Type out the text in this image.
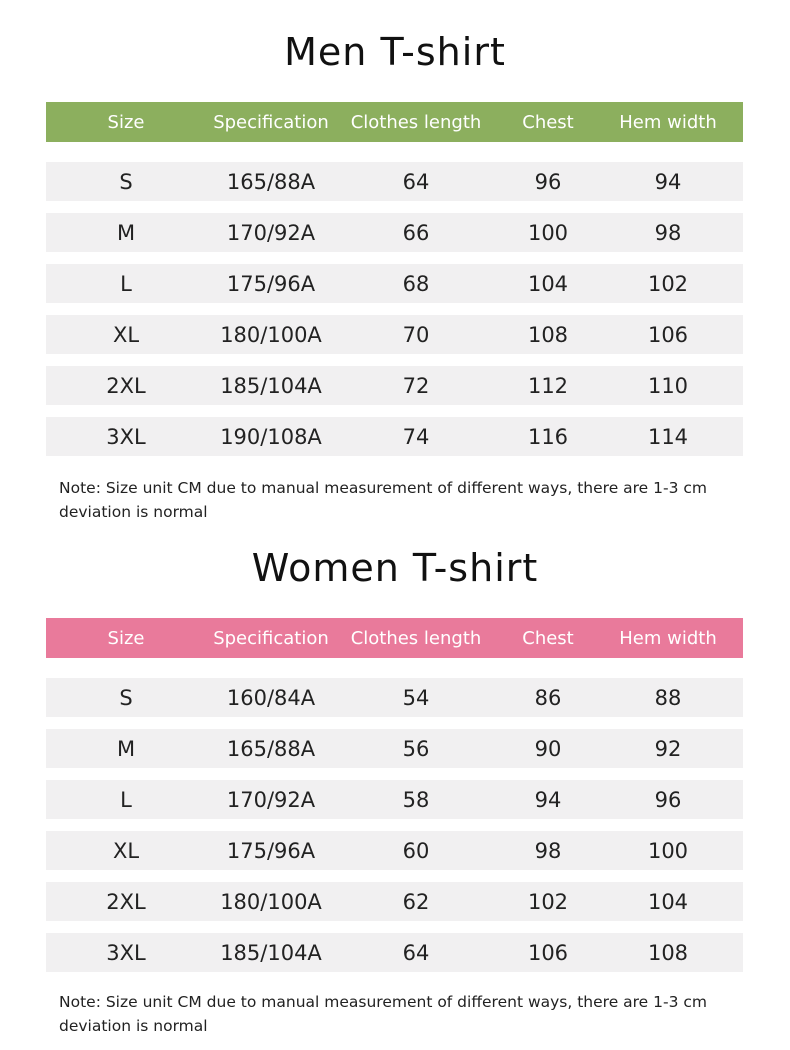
Men T-shirt
Size	Specification	Clothes length	Chest	Hem width
S	165/88A	64	96	94
M	170/92A	66	100	98
L	175/96A	68	104	102
XL	180/100A	70	108	106
2XL	185/104A	72	112	110
3XL	190/108A	74	116	114

Note: Size unit CM due to manual measurement of different ways, there are 1-3 cm deviation is normal

Women T-shirt
Size	Specification	Clothes length	Chest	Hem width
S	160/84A	54	86	88
M	165/88A	56	90	92
L	170/92A	58	94	96
XL	175/96A	60	98	100
2XL	180/100A	62	102	104
3XL	185/104A	64	106	108

Note: Size unit CM due to manual measurement of different ways, there are 1-3 cm deviation is normal
